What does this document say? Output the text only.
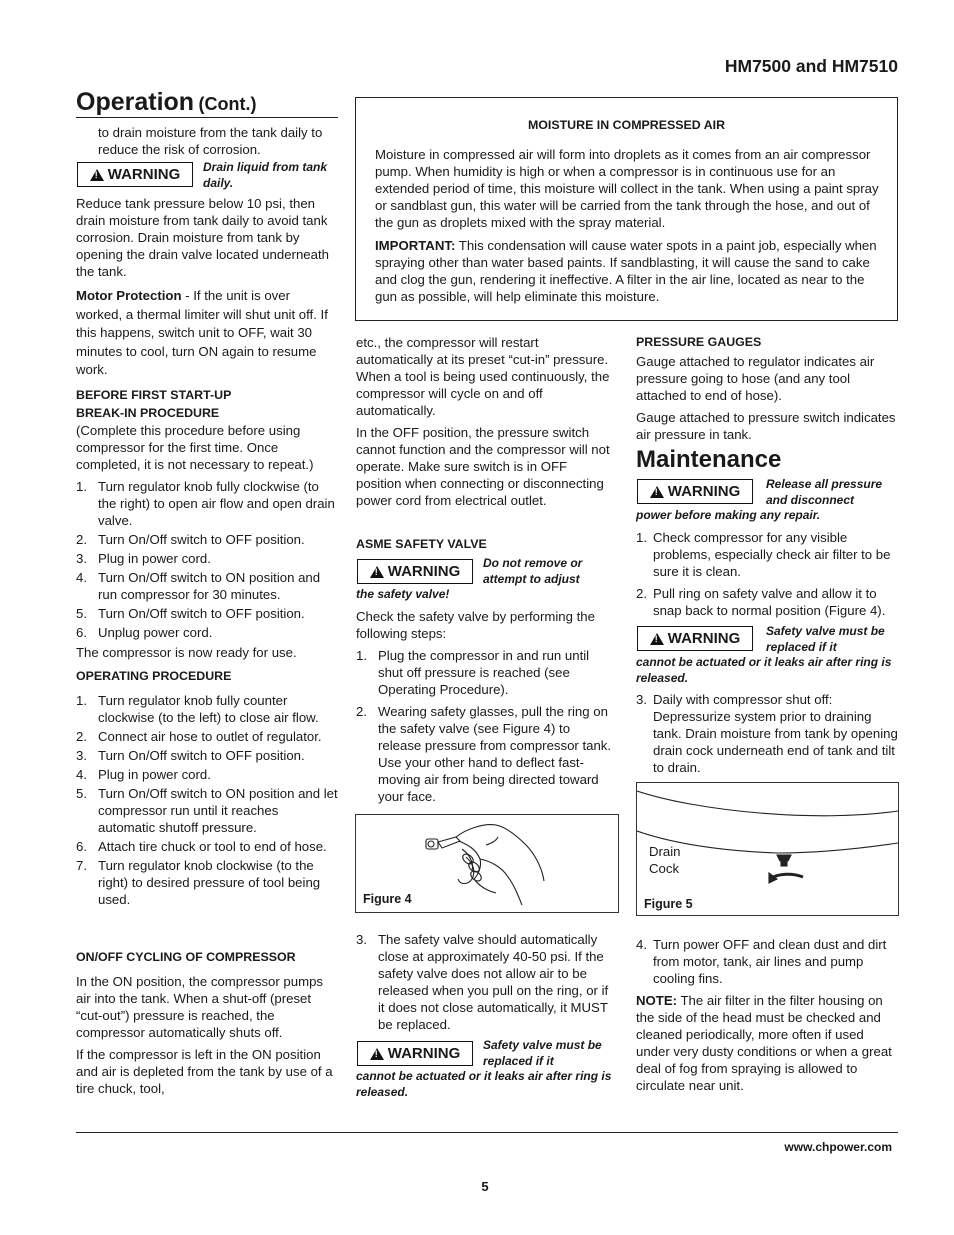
HM7500 and HM7510
Operation (Cont.)
to drain moisture from the tank daily to reduce the risk of corrosion.
!
WARNING Drain liquid from tank daily.
Reduce tank pressure below 10 psi, then drain moisture from tank daily to avoid tank corrosion. Drain moisture from tank by opening the drain valve located underneath the tank.
Motor Protection - If the unit is over worked, a thermal limiter will shut unit off. If this happens, switch unit to OFF, wait 30 minutes to cool, turn ON again to resume work.
BEFORE FIRST START-UP
BREAK-IN PROCEDURE
(Complete this procedure before using compressor for the first time. Once completed, it is not necessary to repeat.)
1. Turn regulator knob fully clockwise (to the right) to open air flow and open drain valve.
2. Turn On/Off switch to OFF position.
3. Plug in power cord.
4. Turn On/Off switch to ON position and run compressor for 30 minutes.
5. Turn On/Off switch to OFF position.
6. Unplug power cord.
The compressor is now ready for use.
OPERATING PROCEDURE
1. Turn regulator knob fully counter clockwise (to the left) to close air flow.
2. Connect air hose to outlet of regulator.
3. Turn On/Off switch to OFF position.
4. Plug in power cord.
5. Turn On/Off switch to ON position and let compressor run until it reaches automatic shutoff pressure.
6. Attach tire chuck or tool to end of hose.
7. Turn regulator knob clockwise (to the right) to desired pressure of tool being used.
ON/OFF CYCLING OF COMPRESSOR
In the ON position, the compressor pumps air into the tank. When a shut-off (preset “cut-out”) pressure is reached, the compressor automatically shuts off.
If the compressor is left in the ON position and air is depleted from the tank by use of a tire chuck, tool,
MOISTURE IN COMPRESSED AIR
Moisture in compressed air will form into droplets as it comes from an air compressor pump. When humidity is high or when a compressor is in continuous use for an extended period of time, this moisture will collect in the tank. When using a paint spray or sandblast gun, this water will be carried from the tank through the hose, and out of the gun as droplets mixed with the spray material.
IMPORTANT: This condensation will cause water spots in a paint job, especially when spraying other than water based paints. If sandblasting, it will cause the sand to cake and clog the gun, rendering it ineffective. A filter in the air line, located as near to the gun as possible, will help eliminate this moisture.
etc., the compressor will restart automatically at its preset “cut-in” pressure. When a tool is being used continuously, the compressor will cycle on and off automatically.
In the OFF position, the pressure switch cannot function and the compressor will not operate. Make sure switch is in OFF position when connecting or disconnecting power cord from electrical outlet.
ASME SAFETY VALVE
!
WARNING Do not remove or attempt to adjust
the safety valve!
Check the safety valve by performing the following steps:
1. Plug the compressor in and run until shut off pressure is reached (see Operating Procedure).
2. Wearing safety glasses, pull the ring on the safety valve (see Figure 4) to release pressure from compressor tank. Use your other hand to deflect fast-moving air from being directed toward your face.
Figure 4
3. The safety valve should automatically close at approximately 40-50 psi. If the safety valve does not allow air to be released when you pull on the ring, or if it does not close automatically, it MUST be replaced.
!
WARNING Safety valve must be replaced if it
cannot be actuated or it leaks air after ring is released.
PRESSURE GAUGES
Gauge attached to regulator indicates air pressure going to hose (and any tool attached to end of hose).
Gauge attached to pressure switch indicates air pressure in tank.
Maintenance
!
WARNING Release all pressure and disconnect
power before making any repair.
1. Check compressor for any visible problems, especially check air filter to be sure it is clean.
2. Pull ring on safety valve and allow it to snap back to normal position (Figure 4).
!
WARNING Safety valve must be replaced if it
cannot be actuated or it leaks air after ring is released.
3. Daily with compressor shut off: Depressurize system prior to draining tank. Drain moisture from tank by opening drain cock underneath end of tank and tilt to drain.
Drain
Cock
Figure 5
4. Turn power OFF and clean dust and dirt from motor, tank, air lines and pump cooling fins.
NOTE: The air filter in the filter housing on the side of the head must be checked and cleaned periodically, more often if used under very dusty conditions or when a great deal of fog from spraying is allowed to circulate near unit.
www.chpower.com
5
